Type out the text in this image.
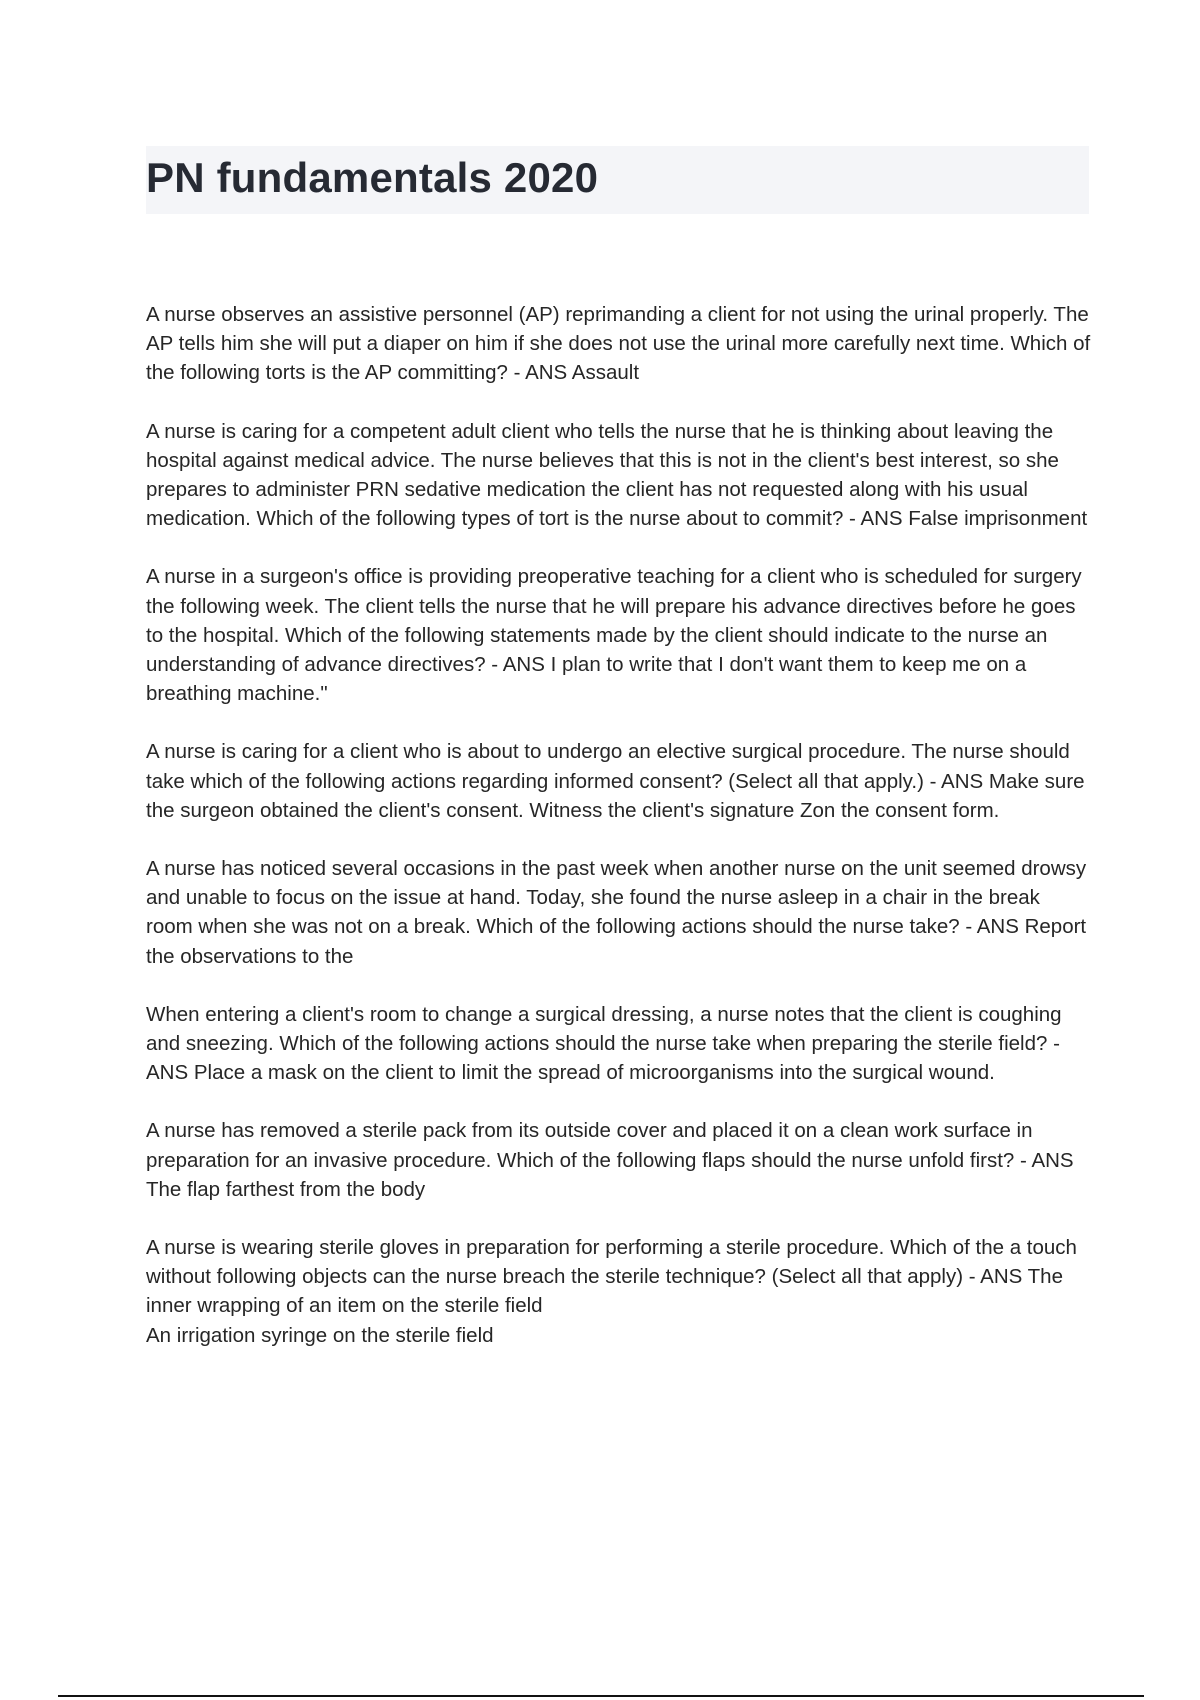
PN fundamentals 2020

A nurse observes an assistive personnel (AP) reprimanding a client for not using the urinal properly. The AP tells him she will put a diaper on him if she does not use the urinal more carefully next time. Which of the following torts is the AP committing? - ANS Assault

A nurse is caring for a competent adult client who tells the nurse that he is thinking about leaving the hospital against medical advice. The nurse believes that this is not in the client's best interest, so she prepares to administer PRN sedative medication the client has not requested along with his usual medication. Which of the following types of tort is the nurse about to commit? - ANS False imprisonment

A nurse in a surgeon's office is providing preoperative teaching for a client who is scheduled for surgery the following week. The client tells the nurse that he will prepare his advance directives before he goes to the hospital. Which of the following statements made by the client should indicate to the nurse an understanding of advance directives? - ANS I plan to write that I don't want them to keep me on a breathing machine."

A nurse is caring for a client who is about to undergo an elective surgical procedure. The nurse should take which of the following actions regarding informed consent? (Select all that apply.) - ANS Make sure the surgeon obtained the client's consent. Witness the client's signature Zon the consent form.

A nurse has noticed several occasions in the past week when another nurse on the unit seemed drowsy and unable to focus on the issue at hand. Today, she found the nurse asleep in a chair in the break room when she was not on a break. Which of the following actions should the nurse take? - ANS Report the observations to the

When entering a client's room to change a surgical dressing, a nurse notes that the client is coughing and sneezing. Which of the following actions should the nurse take when preparing the sterile field? - ANS Place a mask on the client to limit the spread of microorganisms into the surgical wound.

A nurse has removed a sterile pack from its outside cover and placed it on a clean work surface in preparation for an invasive procedure. Which of the following flaps should the nurse unfold first? - ANS The flap farthest from the body

A nurse is wearing sterile gloves in preparation for performing a sterile procedure. Which of the a touch without following objects can the nurse breach the sterile technique? (Select all that apply) - ANS The inner wrapping of an item on the sterile field
An irrigation syringe on the sterile field
